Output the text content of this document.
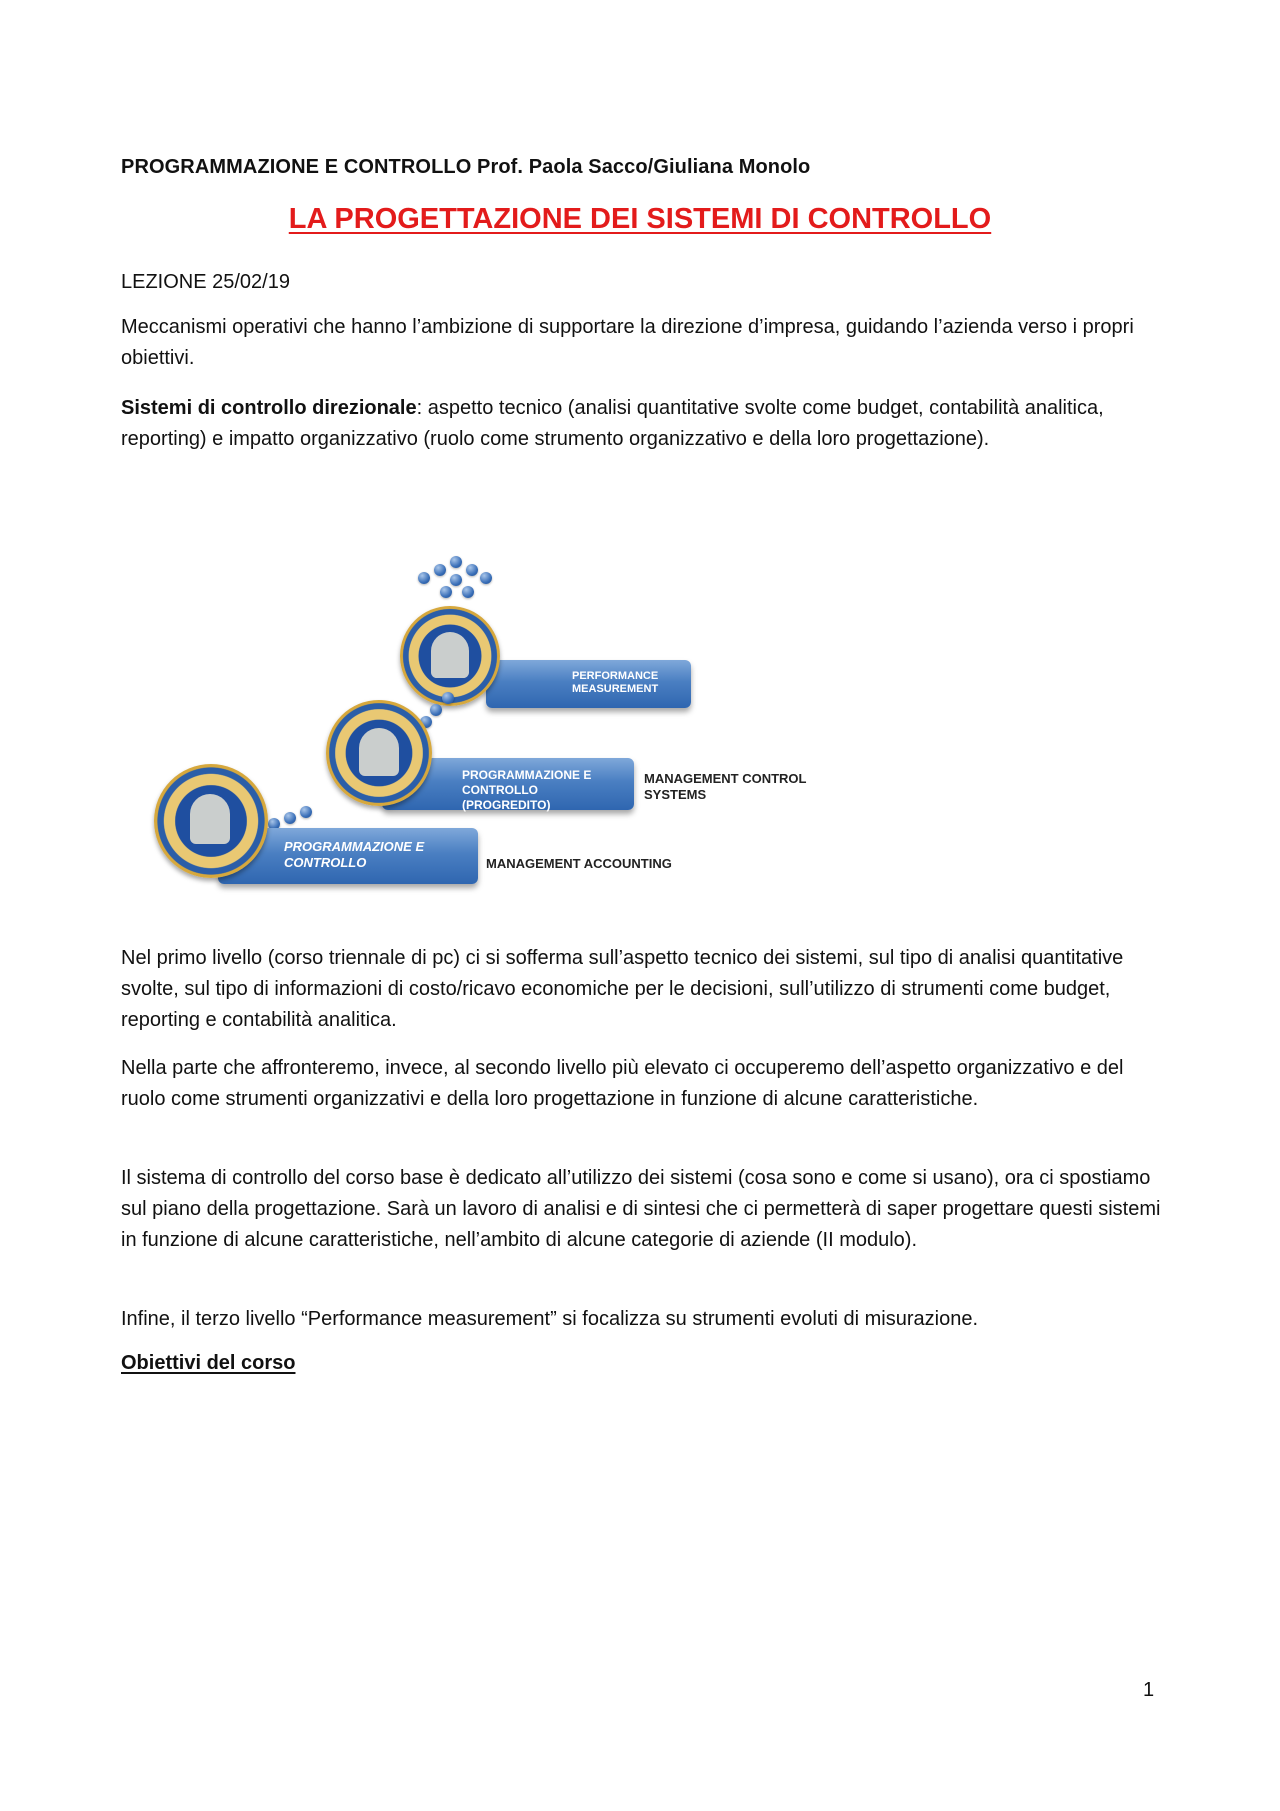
PROGRAMMAZIONE E CONTROLLO Prof. Paola Sacco/Giuliana Monolo
LA PROGETTAZIONE DEI SISTEMI DI CONTROLLO
LEZIONE 25/02/19
Meccanismi operativi che hanno l’ambizione di supportare la direzione d’impresa, guidando l’azienda verso i propri obiettivi.
Sistemi di controllo direzionale: aspetto tecnico (analisi quantitative svolte come budget, contabilità analitica, reporting) e impatto organizzativo (ruolo come strumento organizzativo e della loro progettazione).
PERFORMANCE MEASUREMENT
PROGRAMMAZIONE E CONTROLLO (PROGREDITO)
MANAGEMENT CONTROL SYSTEMS
PROGRAMMAZIONE E CONTROLLO	MANAGEMENT ACCOUNTING
Nel primo livello (corso triennale di pc) ci si sofferma sull’aspetto tecnico dei sistemi, sul tipo di analisi quantitative svolte, sul tipo di informazioni di costo/ricavo economiche per le decisioni, sull’utilizzo di strumenti come budget, reporting e contabilità analitica.
Nella parte che affronteremo, invece, al secondo livello più elevato ci occuperemo dell’aspetto organizzativo e del ruolo come strumenti organizzativi e della loro progettazione in funzione di alcune caratteristiche.
Il sistema di controllo del corso base è dedicato all’utilizzo dei sistemi (cosa sono e come si usano), ora ci spostiamo sul piano della progettazione. Sarà un lavoro di analisi e di sintesi che ci permetterà di saper progettare questi sistemi in funzione di alcune caratteristiche, nell’ambito di alcune categorie di aziende (II modulo).
Infine, il terzo livello “Performance measurement” si focalizza su strumenti evoluti di misurazione.
Obiettivi del corso
1
